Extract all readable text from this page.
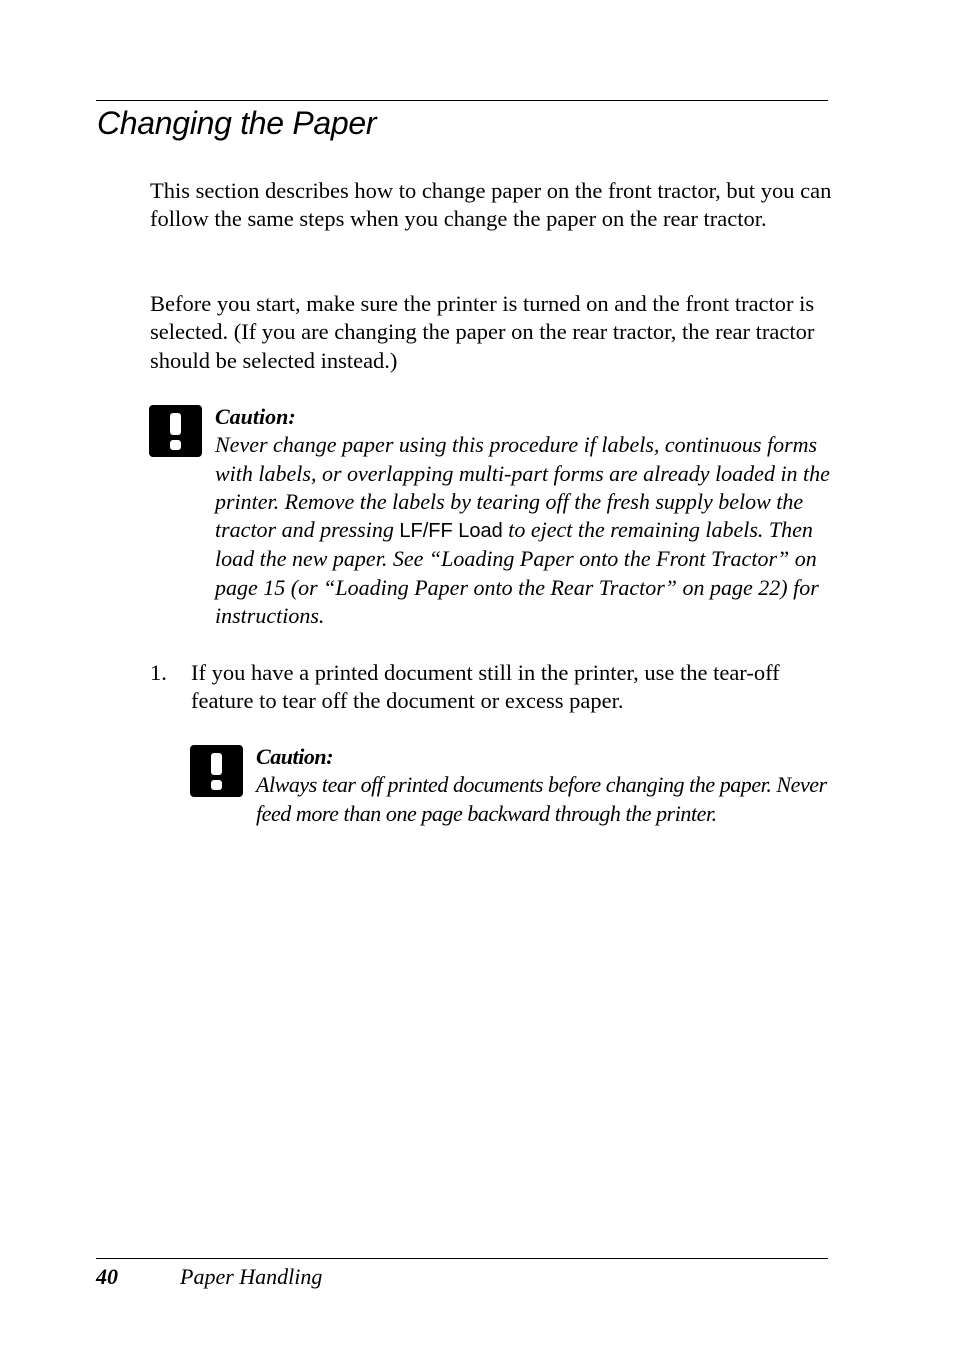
Changing the Paper

This section describes how to change paper on the front tractor, but you can follow the same steps when you change the paper on the rear tractor.

Before you start, make sure the printer is turned on and the front tractor is selected. (If you are changing the paper on the rear tractor, the rear tractor should be selected instead.)

Caution:
Never change paper using this procedure if labels, continuous forms with labels, or overlapping multi-part forms are already loaded in the printer. Remove the labels by tearing off the fresh supply below the tractor and pressing LF/FF Load to eject the remaining labels. Then load the new paper. See “Loading Paper onto the Front Tractor” on page 15 (or “Loading Paper onto the Rear Tractor” on page 22) for instructions.

1. If you have a printed document still in the printer, use the tear-off feature to tear off the document or excess paper.

Caution:
Always tear off printed documents before changing the paper. Never feed more than one page backward through the printer.

40	Paper Handling
